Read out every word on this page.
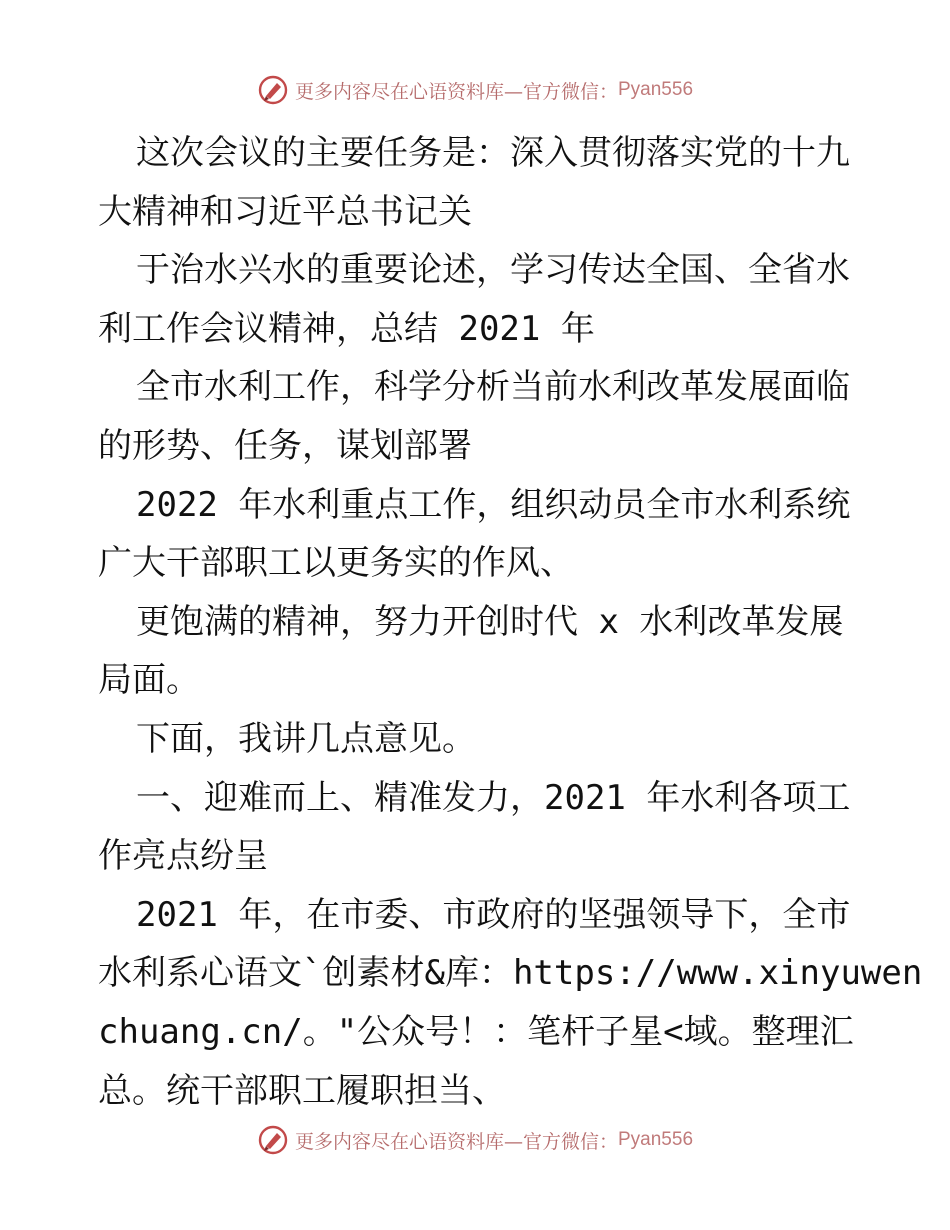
更多内容尽在心语资料库—官方微信： Pyan556
这次会议的主要任务是：深入贯彻落实党的十九
大精神和习近平总书记关
于治水兴水的重要论述，学习传达全国、全省水
利工作会议精神，总结 2021 年
全市水利工作，科学分析当前水利改革发展面临
的形势、任务，谋划部署
2022 年水利重点工作，组织动员全市水利系统
广大干部职工以更务实的作风、
更饱满的精神，努力开创时代 x 水利改革发展
局面。
下面，我讲几点意见。
一、迎难而上、精准发力，2021 年水利各项工
作亮点纷呈
2021 年，在市委、市政府的坚强领导下，全市
水利系心语文`创素材&库：https://www.xinyuwen
chuang.cn/。"公众号！：笔杆子星<域。整理汇
总。统干部职工履职担当、
更多内容尽在心语资料库—官方微信： Pyan556
